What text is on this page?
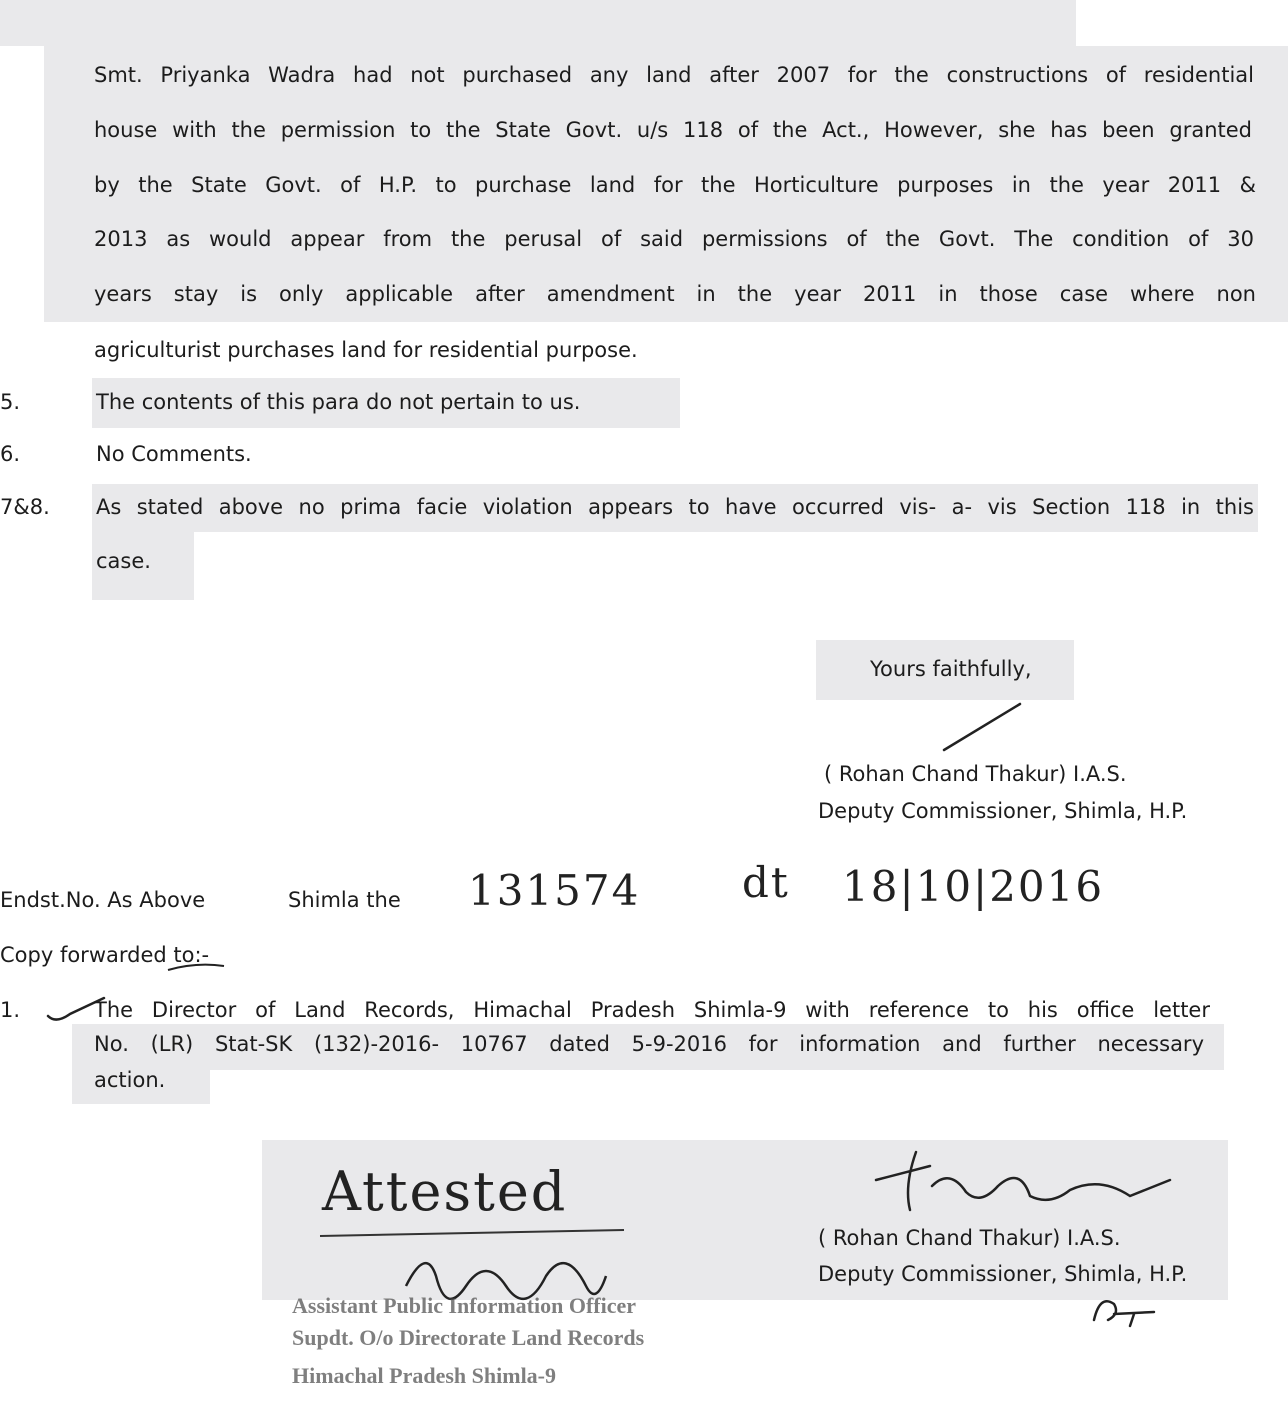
Smt. Priyanka Wadra had not purchased any land after 2007 for the constructions of residential
house with the permission to the State Govt. u/s 118 of the Act., However, she has been granted
by the State Govt. of H.P. to purchase land for the Horticulture purposes in the year 2011 &
2013 as would appear from the perusal of said permissions of the Govt. The condition of 30
years stay is only applicable after amendment in the year 2011 in those case where non
agriculturist purchases land for residential purpose.
5.	The contents of this para do not pertain to us.
6.	No Comments.
7&8. As stated above no prima facie violation appears to have occurred vis- a- vis Section 118 in this
case.
Yours faithfully,
( Rohan Chand Thakur) I.A.S.
Deputy Commissioner, Shimla, H.P.
Endst.No. As Above	Shimla the 131574 dt 18|10|2016
Copy forwarded to:-
1.	The Director of Land Records, Himachal Pradesh Shimla-9 with reference to his office letter
No. (LR) Stat-SK (132)-2016- 10767 dated 5-9-2016 for information and further necessary
action.
Attested
Assistant Public Information Officer
Supdt. O/o Directorate Land Records
Himachal Pradesh Shimla-9
( Rohan Chand Thakur) I.A.S.
Deputy Commissioner, Shimla, H.P.
